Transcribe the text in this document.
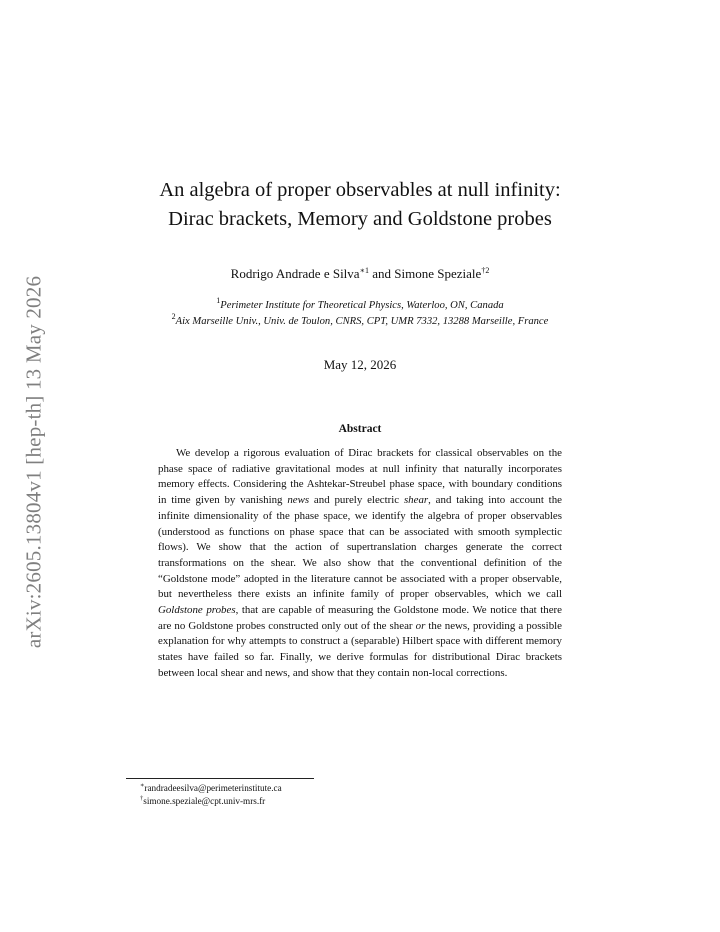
arXiv:2605.13804v1 [hep-th] 13 May 2026
An algebra of proper observables at null infinity:
Dirac brackets, Memory and Goldstone probes
Rodrigo Andrade e Silva$^{∗1}$ and Simone Speziale$^{\dagger 2}$
$^1$Perimeter Institute for Theoretical Physics, Waterloo, ON, Canada
$^2$Aix Marseille Univ., Univ. de Toulon, CNRS, CPT, UMR 7332, 13288 Marseille, France
May 12, 2026
Abstract

We develop a rigorous evaluation of Dirac brackets for classical observables on the phase space of radiative gravitational modes at null infinity that naturally incorporates memory effects. Considering the Ashtekar-Streubel phase space, with boundary conditions in time given by vanishing news and purely electric shear, and taking into account the infinite dimensionality of the phase space, we identify the algebra of proper observables (understood as functions on phase space that can be associated with smooth symplectic flows). We show that the action of supertranslation charges generate the correct transformations on the shear. We also show that the conventional definition of the “Goldstone mode” adopted in the literature cannot be associated with a proper observable, but nevertheless there exists an infinite family of proper observables, which we call Goldstone probes, that are capable of measuring the Goldstone mode. We notice that there are no Goldstone probes constructed only out of the shear or the news, providing a possible explanation for why attempts to construct a (separable) Hilbert space with different memory states have failed so far. Finally, we derive formulas for distributional Dirac brackets between local shear and news, and show that they contain non-local corrections.

∗randradeesilva@perimeterinstitute.ca
†simone.speziale@cpt.univ-mrs.fr
